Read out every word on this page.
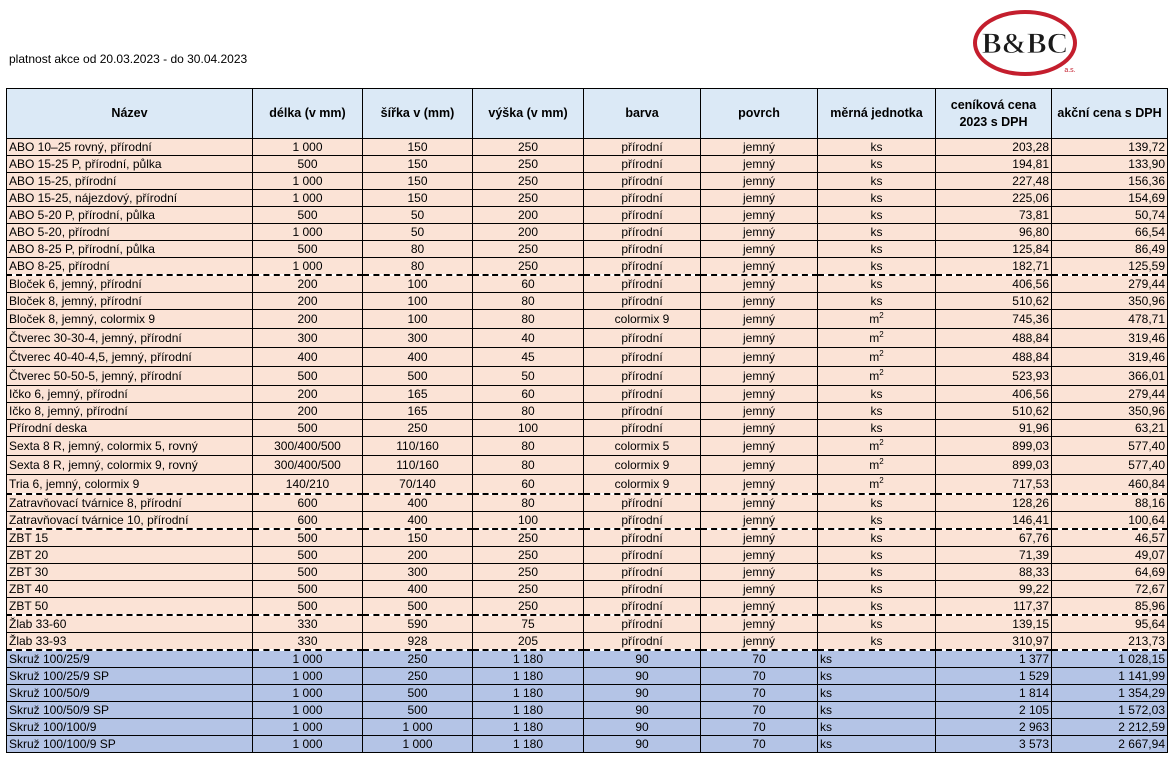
platnost akce od 20.03.2023 - do 30.04.2023	B&BC
a.s.
Název	délka (v mm)	šířka v (mm)	výška (v mm)	barva	povrch	měrná jednotka	ceníková cena 2023 s DPH	akční cena s DPH
ABO 10–25 rovný, přírodní	1 000	150	250	přírodní	jemný	ks	203,28	139,72
ABO 15-25 P, přírodní, půlka	500	150	250	přírodní	jemný	ks	194,81	133,90
ABO 15-25, přírodní	1 000	150	250	přírodní	jemný	ks	227,48	156,36
ABO 15-25, nájezdový, přírodní	1 000	150	250	přírodní	jemný	ks	225,06	154,69
ABO 5-20 P, přírodní, půlka	500	50	200	přírodní	jemný	ks	73,81	50,74
ABO 5-20, přírodní	1 000	50	200	přírodní	jemný	ks	96,80	66,54
ABO 8-25 P, přírodní, půlka	500	80	250	přírodní	jemný	ks	125,84	86,49
ABO 8-25, přírodní	1 000	80	250	přírodní	jemný	ks	182,71	125,59
Bloček 6, jemný, přírodní	200	100	60	přírodní	jemný	ks	406,56	279,44
Bloček 8, jemný, přírodní	200	100	80	přírodní	jemný	ks	510,62	350,96
Bloček 8, jemný, colormix 9	200	100	80	colormix 9	jemný	$m^2$	745,36	478,71
Čtverec 30-30-4, jemný, přírodní	300	300	40	přírodní	jemný	$m^2$	488,84	319,46
Čtverec 40-40-4,5, jemný, přírodní	400	400	45	přírodní	jemný	$m^2$	488,84	319,46
Čtverec 50-50-5, jemný, přírodní	500	500	50	přírodní	jemný	$m^2$	523,93	366,01
Ičko 6, jemný, přírodní	200	165	60	přírodní	jemný	ks	406,56	279,44
Ičko 8, jemný, přírodní	200	165	80	přírodní	jemný	ks	510,62	350,96
Přírodní deska	500	250	100	přírodní	jemný	ks	91,96	63,21
Sexta 8 R, jemný, colormix 5, rovný	300/400/500	110/160	80	colormix 5	jemný	$m^2$	899,03	577,40
Sexta 8 R, jemný, colormix 9, rovný	300/400/500	110/160	80	colormix 9	jemný	$m^2$	899,03	577,40
Tria 6, jemný, colormix 9	140/210	70/140	60	colormix 9	jemný	$m^2$	717,53	460,84
Zatravňovací tvárnice 8, přírodní	600	400	80	přírodní	jemný	ks	128,26	88,16
Zatravňovací tvárnice 10, přírodní	600	400	100	přírodní	jemný	ks	146,41	100,64
ZBT 15	500	150	250	přírodní	jemný	ks	67,76	46,57
ZBT 20	500	200	250	přírodní	jemný	ks	71,39	49,07
ZBT 30	500	300	250	přírodní	jemný	ks	88,33	64,69
ZBT 40	500	400	250	přírodní	jemný	ks	99,22	72,67
ZBT 50	500	500	250	přírodní	jemný	ks	117,37	85,96
Žlab 33-60	330	590	75	přírodní	jemný	ks	139,15	95,64
Žlab 33-93	330	928	205	přírodní	jemný	ks	310,97	213,73
Skruž 100/25/9	1 000	250	1 180	90	70	ks	1 377	1 028,15
Skruž 100/25/9 SP	1 000	250	1 180	90	70	ks	1 529	1 141,99
Skruž 100/50/9	1 000	500	1 180	90	70	ks	1 814	1 354,29
Skruž 100/50/9 SP	1 000	500	1 180	90	70	ks	2 105	1 572,03
Skruž 100/100/9	1 000	1 000	1 180	90	70	ks	2 963	2 212,59
Skruž 100/100/9 SP	1 000	1 000	1 180	90	70	ks	3 573	2 667,94
